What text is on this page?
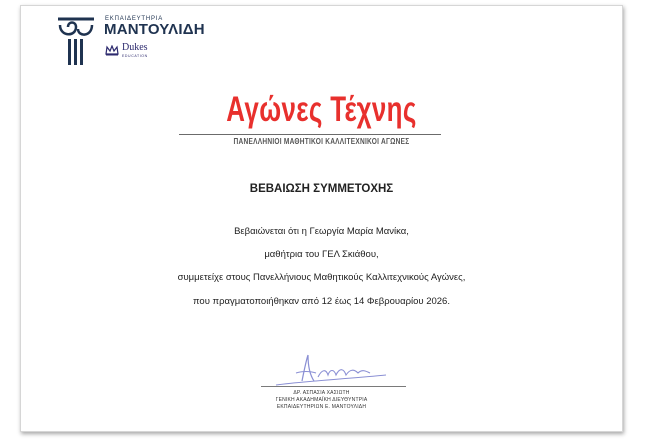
ΕΚΠΑΙΔΕΥΤΗΡΙΑ
ΜΑΝΤΟΥΛΙΔΗ
Dukes
EDUCATION
Αγώνες Τέχνης
ΠΑΝΕΛΛΗΝΙΟΙ ΜΑΘΗΤΙΚΟΙ ΚΑΛΛΙΤΕΧΝΙΚΟΙ ΑΓΩΝΕΣ
ΒΕΒΑΙΩΣΗ ΣΥΜΜΕΤΟΧΗΣ
Βεβαιώνεται ότι η Γεωργία Μαρία Μανίκα,
μαθήτρια του ΓΕΛ Σκιάθου,
συμμετείχε στους Πανελλήνιους Μαθητικούς Καλλιτεχνικούς Αγώνες,
που πραγματοποιήθηκαν από 12 έως 14 Φεβρουαρίου 2026.
ΔΡ. ΑΣΠΑΣΙΑ ΧΑΣΙΩΤΗ
ΓΕΝΙΚΗ ΑΚΑΔΗΜΑΪΚΗ ΔΙΕΥΘΥΝΤΡΙΑ
ΕΚΠΑΙΔΕΥΤΗΡΙΩΝ Ε. ΜΑΝΤΟΥΛΙΔΗ
